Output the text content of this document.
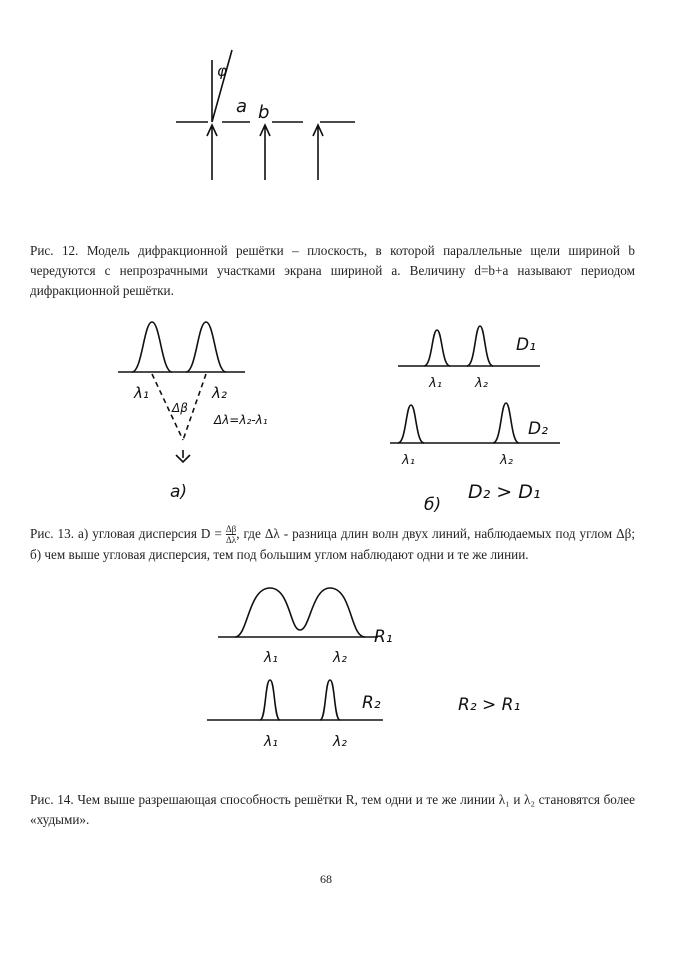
φ
a b
λ₁	λ₂
Δβ
Δλ=λ₂-λ₁
a)
λ₁	λ₂
D₁
λ₁	λ₂
D₂
б)
D₂ > D₁
λ₁	λ₂
R₁
λ₁	λ₂
R₂	R₂ > R₁
Рис. 12. Модель дифракционной решётки – плоскость, в которой параллельные щели шириной b чередуются с непрозрачными участками экрана шириной a. Величину d=b+a называют периодом дифракционной решётки.
Рис. 13. а) угловая дисперсия $D = \frac{\Delta\beta}{\Delta\lambda}$ , где Δλ - разница длин волн двух линий, наблюдаемых под углом Δβ; б) чем выше угловая дисперсия, тем под большим углом наблюдают одни и те же линии.
Рис. 14. Чем выше разрешающая способность решётки R, тем одни и те же линии λ₁ и λ₂ становятся более «худыми».
68
